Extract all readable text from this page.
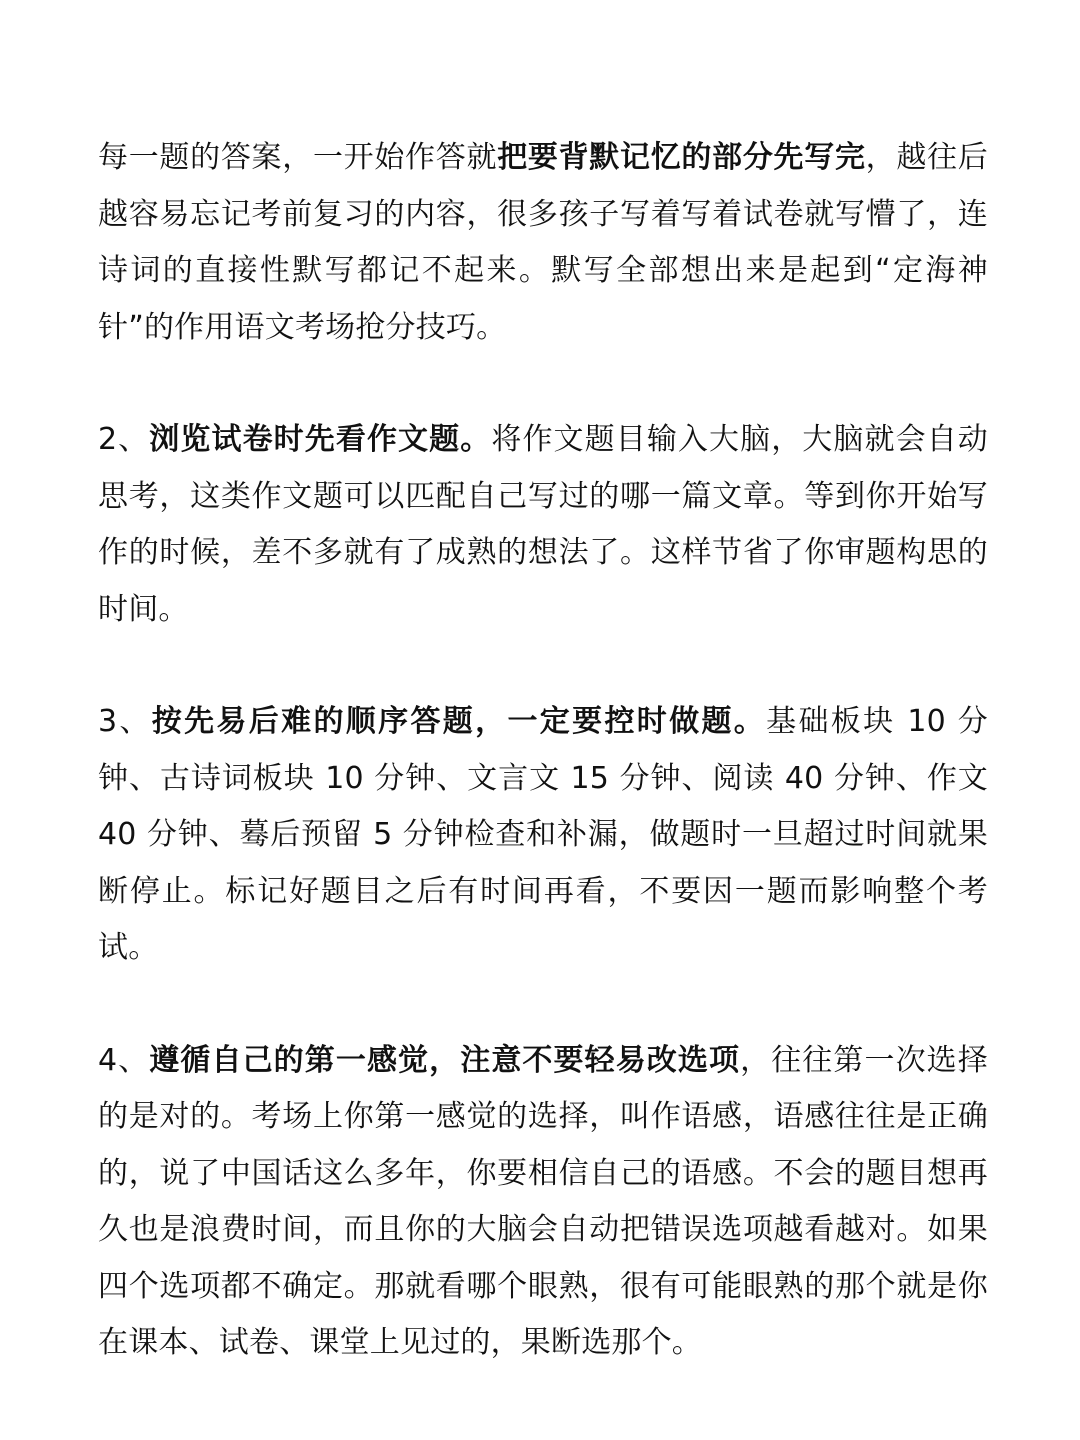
每一题的答案，一开始作答就把要背默记忆的部分先写完，越往后越容易忘记考前复习的内容，很多孩子写着写着试卷就写懵了，连诗词的直接性默写都记不起来。默写全部想出来是起到“定海神针”的作用语文考场抢分技巧。

2、浏览试卷时先看作文题。将作文题目输入大脑，大脑就会自动思考，这类作文题可以匹配自己写过的哪一篇文章。等到你开始写作的时候，差不多就有了成熟的想法了。这样节省了你审题构思的时间。

3、按先易后难的顺序答题，一定要控时做题。基础板块 10 分钟、古诗词板块 10 分钟、文言文 15 分钟、阅读 40 分钟、作文 40 分钟、蓦后预留 5 分钟检查和补漏，做题时一旦超过时间就果断停止。标记好题目之后有时间再看，不要因一题而影响整个考试。

4、遵循自己的第一感觉，注意不要轻易改选项，往往第一次选择的是对的。考场上你第一感觉的选择，叫作语感，语感往往是正确的，说了中国话这么多年，你要相信自己的语感。不会的题目想再久也是浪费时间，而且你的大脑会自动把错误选项越看越对。如果四个选项都不确定。那就看哪个眼熟，很有可能眼熟的那个就是你在课本、试卷、课堂上见过的，果断选那个。
